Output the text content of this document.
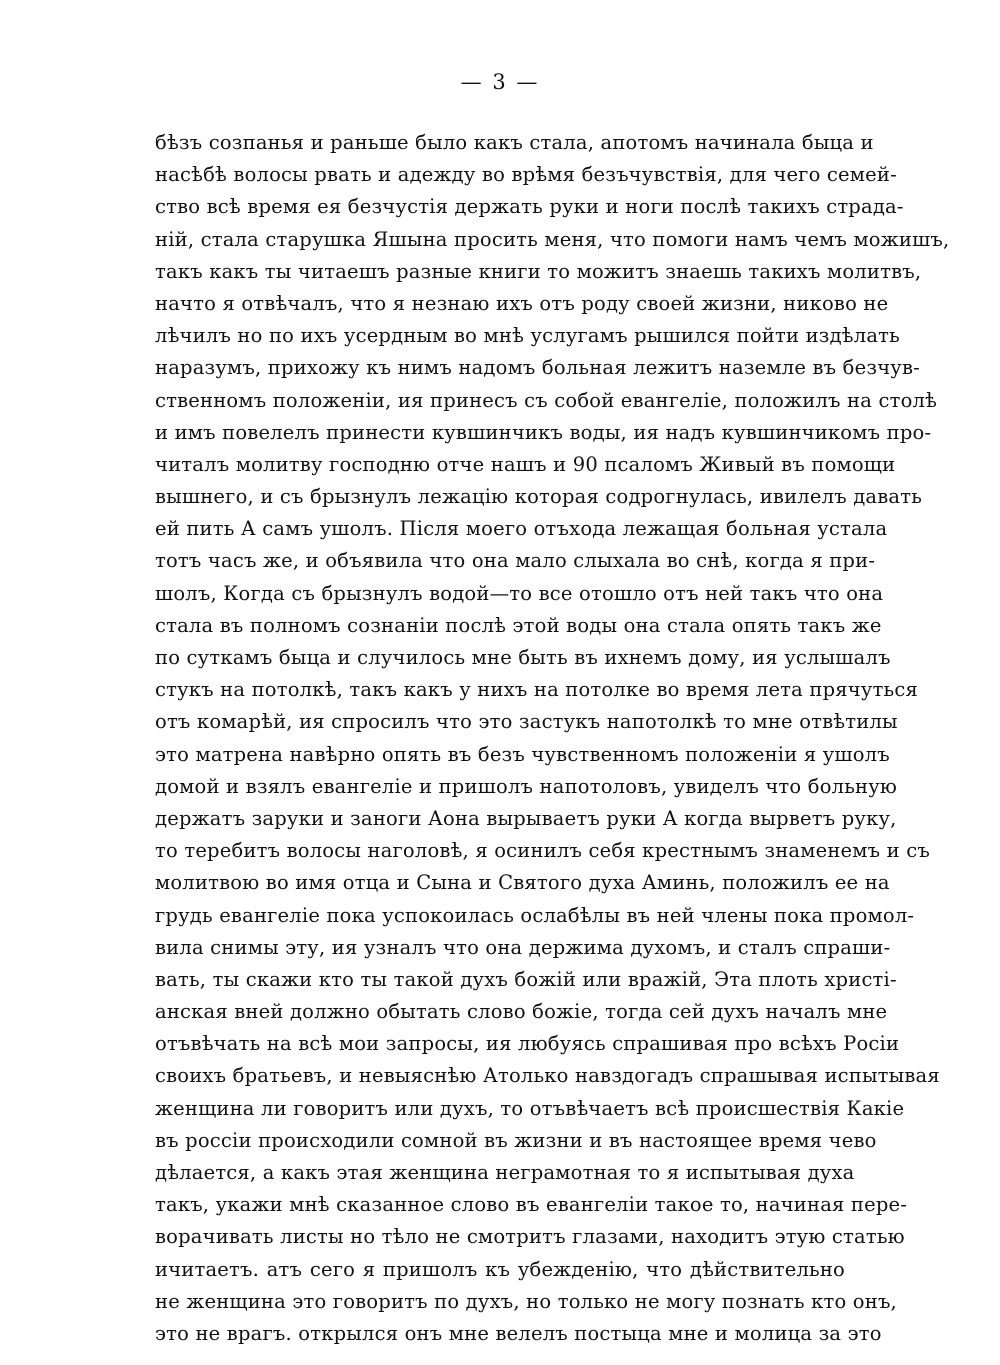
— 3 —
бѣзъ созпанья и раньше было какъ стала, апотомъ начинала быца и
насѣбѣ волосы рвать и адежду во врѣмя безъчувствія, для чего семей-
ство всѣ время ея безчустія держать руки и ноги послѣ такихъ страда-
ній, стала старушка Яшына просить меня, что помоги намъ чемъ можишъ,
такъ какъ ты читаешъ разные книги то можитъ знаешь такихъ молитвъ,
начто я отвѣчалъ, что я незнаю ихъ отъ роду своей жизни, никово не
лѣчилъ но по ихъ усердным во мнѣ услугамъ рышился пойти издѣлать
наразумъ, прихожу къ нимъ надомъ больная лежитъ наземле въ безчув-
ственномъ положеніи, ия принесъ съ собой евангеліе, положилъ на столѣ
и имъ повелелъ принести кувшинчикъ воды, ия надъ кувшинчикомъ про-
читалъ молитву господню отче нашъ и 90 псаломъ Живый въ помощи
вышнего, и съ брызнулъ лежацію которая содрогнулась, ивилелъ давать
ей пить А самъ ушолъ. Після моего отъхода лежащая больная устала
тотъ часъ же, и объявила что она мало слыхала во снѣ, когда я при-
шолъ, Когда съ брызнулъ водой—то все отошло отъ ней такъ что она
стала въ полномъ сознаніи послѣ этой воды она стала опять такъ же
по суткамъ быца и случилось мне быть въ ихнемъ дому, ия услышалъ
стукъ на потолкѣ, такъ какъ у нихъ на потолке во время лета прячуться
отъ комарѣй, ия спросилъ что это застукъ напотолкѣ то мне отвѣтилы
это матрена навѣрно опять въ безъ чувственномъ положеніи я ушолъ
домой и взялъ евангеліе и пришолъ напотоловъ, увиделъ что больную
держатъ заруки и заноги Аона вырываетъ руки А когда вырветъ руку,
то теребитъ волосы наголовѣ, я осинилъ себя крестнымъ знаменемъ и съ
молитвою во имя отца и Сына и Святого духа Аминь, положилъ ее на
грудь евангеліе пока успокоилась ослабѣлы въ ней члены пока промол-
вила снимы эту, ия узналъ что она держима духомъ, и сталъ спраши-
вать, ты скажи кто ты такой духъ божій или вражій, Эта плоть христі-
анская вней должно обытать слово божіе, тогда сей духъ началъ мне
отъвѣчать на всѣ мои запросы, ия любуясь спрашивая про всѣхъ Росіи
своихъ братьевъ, и невыяснѣю Атолько навздогадъ спрашывая испытывая
женщина ли говоритъ или духъ, то отъвѣчаетъ всѣ происшествія Какіе
въ россіи происходили сомной въ жизни и въ настоящее время чево
дѣлается, а какъ этая женщина неграмотная то я испытывая духа
такъ, укажи мнѣ сказанное слово въ евангеліи такое то, начиная пере-
ворачивать листы но тѣло не смотритъ глазами, находитъ этую статью
ичитаетъ. атъ сего я пришолъ къ убежденію, что дѣйствительно
не женщина это говоритъ по духъ, но только не могу познать кто онъ,
это не врагъ. открылся онъ мне велелъ постыца мне и молица за это
